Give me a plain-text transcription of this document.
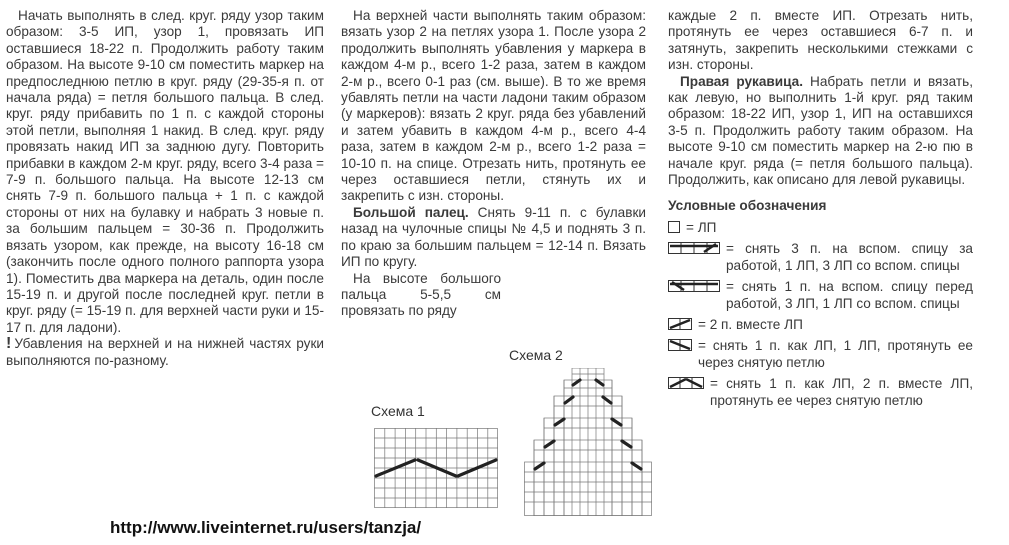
Начать выполнять в след. круг. ряду узор таким образом: 3-5 ИП, узор 1, провязать ИП оставшиеся 18-22 п. Продолжить работу таким образом. На высоте 9-10 см поместить маркер на предпоследнюю петлю в круг. ряду (29-35-я п. от начала ряда) = петля большого пальца. В след. круг. ряду прибавить по 1 п. с каждой стороны этой петли, выполняя 1 накид. В след. круг. ряду провязать накид ИП за заднюю дугу. Повторить прибавки в каждом 2-м круг. ряду, всего 3-4 раза = 7-9 п. большого пальца. На высоте 12-13 см снять 7-9 п. большого пальца + 1 п. с каждой стороны от них на булавку и набрать 3 новые п. за большим пальцем = 30-36 п. Продолжить вязать узором, как прежде, на высоту 16-18 см (закончить после одного полного раппорта узора 1). Поместить два маркера на деталь, один после 15-19 п. и другой после последней круг. петли в круг. ряду (= 15-19 п. для верхней части руки и 15-17 п. для ладони).

! Убавления на верхней и на нижней частях руки выполняются по-разному.

На верхней части выполнять таким образом: вязать узор 2 на петлях узора 1. После узора 2 продолжить выполнять убавления у маркера в каждом 4-м р., всего 1-2 раза, затем в каждом 2-м р., всего 0-1 раз (см. выше). В то же время убавлять петли на части ладони таким образом (у маркеров): вязать 2 круг. ряда без убавлений и затем убавить в каждом 4-м р., всего 4-4 раза, затем в каждом 2-м р., всего 1-2 раза = 10-10 п. на спице. Отрезать нить, протянуть ее через оставшиеся петли, стянуть их и закрепить с изн. стороны.

Большой палец. Снять 9-11 п. с булавки назад на чулочные спицы № 4,5 и поднять 3 п. по краю за большим пальцем = 12-14 п. Вязать ИП по кругу.

На высоте большого пальца 5-5,5 см провязать по ряду

Схема 1
Схема 2

каждые 2 п. вместе ИП. Отрезать нить, протянуть ее через оставшиеся 6-7 п. и затянуть, закрепить несколькими стежками с изн. стороны.

Правая рукавица. Набрать петли и вязать, как левую, но выполнить 1-й круг. ряд таким образом: 18-22 ИП, узор 1, ИП на оставшихся 3-5 п. Продолжить работу таким образом. На высоте 9-10 см поместить маркер на 2-ю пю в начале круг. ряда (= петля большого пальца). Продолжить, как описано для левой рукавицы.

Условные обозначения

= ЛП
= снять 3 п. на вспом. спицу за работой, 1 ЛП, 3 ЛП со вспом. спицы
= снять 1 п. на вспом. спицу перед работой, 3 ЛП, 1 ЛП со вспом. спицы
= 2 п. вместе ЛП
= снять 1 п. как ЛП, 1 ЛП, протянуть ее через снятую петлю
= снять 1 п. как ЛП, 2 п. вместе ЛП, протянуть ее через снятую петлю
http://www.liveinternet.ru/users/tanzja/
